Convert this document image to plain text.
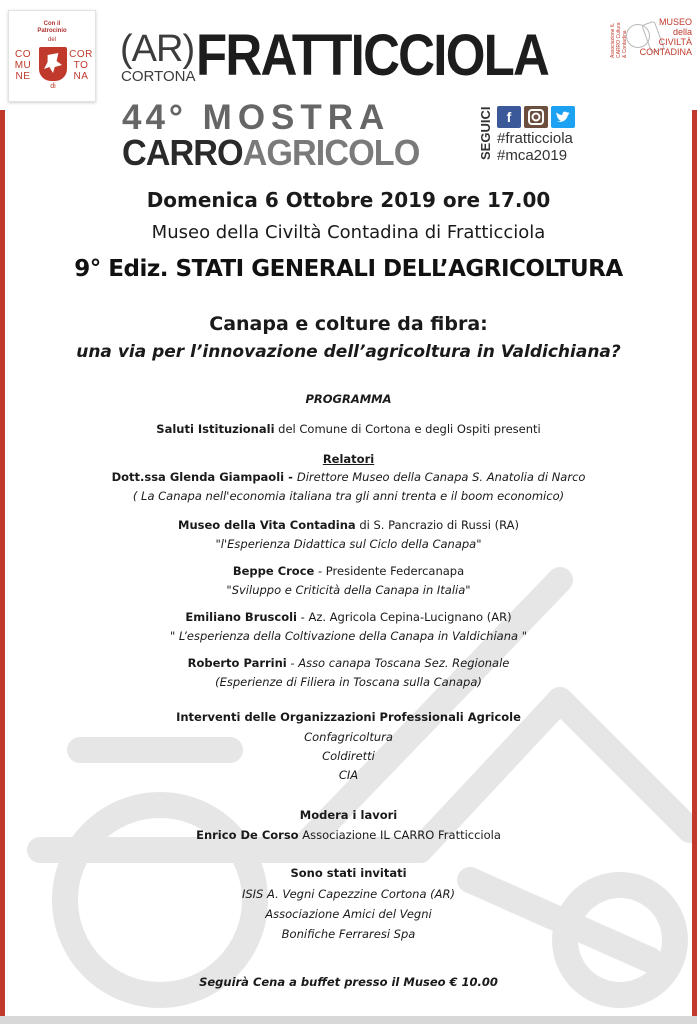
Con il
Patrocinio
del
CO
MU
NE
di
COR
TO
NA
(AR)
CORTONA FRATTICCIOLA	Associazione IL CARRO Cultura & Contadina
MUSEO
della CIVILTÀ
CONTADINA
44° MOSTRA
CARROAGRICOLO	SEGUICI f
#fratticciola
#mca2019
Domenica 6 Ottobre 2019 ore 17.00
Museo della Civiltà Contadina di Fratticciola
9° Ediz. STATI GENERALI DELL’AGRICOLTURA
Canapa e colture da fibra:
una via per l’innovazione dell’agricoltura in Valdichiana?
PROGRAMMA
Saluti Istituzionali del Comune di Cortona e degli Ospiti presenti
Relatori
Dott.ssa Glenda Giampaoli - Direttore Museo della Canapa S. Anatolia di Narco
( La Canapa nell'economia italiana tra gli anni trenta e il boom economico)
Museo della Vita Contadina di S. Pancrazio di Russi (RA)
"l'Esperienza Didattica sul Ciclo della Canapa"
Beppe Croce - Presidente Federcanapa
"Sviluppo e Criticità della Canapa in Italia"
Emiliano Bruscoli - Az. Agricola Cepina-Lucignano (AR)
" L’esperienza della Coltivazione della Canapa in Valdichiana "
Roberto Parrini - Asso canapa Toscana Sez. Regionale
(Esperienze di Filiera in Toscana sulla Canapa)
Interventi delle Organizzazioni Professionali Agricole
Confagricoltura
Coldiretti
CIA
Modera i lavori
Enrico De Corso Associazione IL CARRO Fratticciola
Sono stati invitati
ISIS A. Vegni Capezzine Cortona (AR)
Associazione Amici del Vegni
Bonifiche Ferraresi Spa
Seguirà Cena a buffet presso il Museo € 10.00
